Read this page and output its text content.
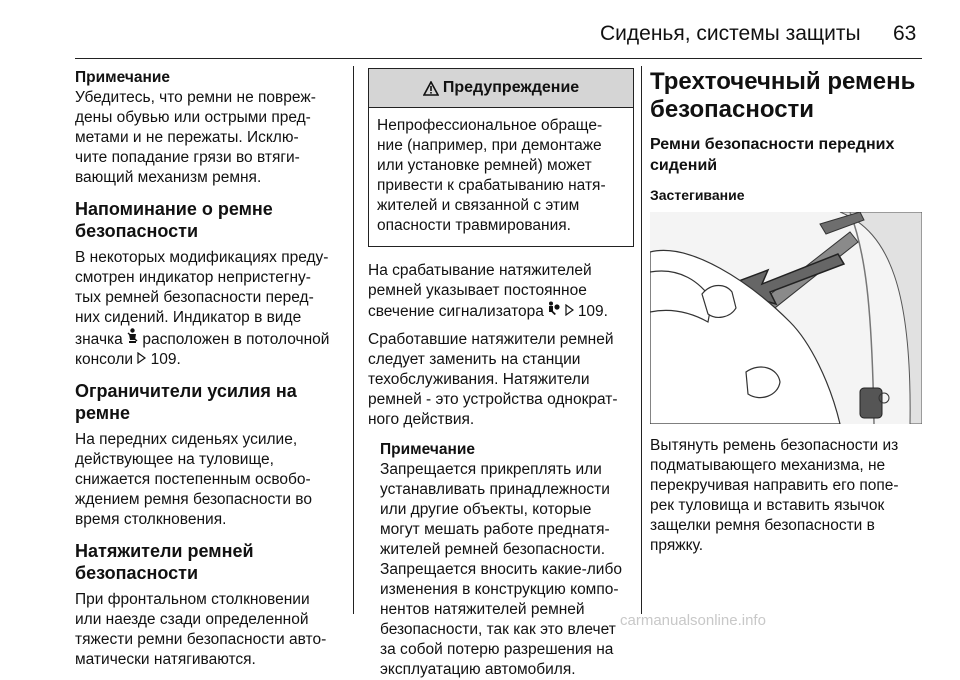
Сиденья, системы защиты 63

Примечание

Убедитесь, что ремни не повреж-
дены обувью или острыми пред-
метами и не пережаты. Исклю-
чите попадание грязи во втяги-
вающий механизм ремня.

Напоминание о ремне безопасности

В некоторых модификациях преду-
смотрен индикатор непристегну-
тых ремней безопасности перед-
них сидений. Индикатор в виде
значка расположен в потолочной
консоли 109.

Ограничители усилия на ремне

На передних сиденьях усилие,
действующее на туловище,
снижается постепенным освобо-
ждением ремня безопасности во
время столкновения.

Натяжители ремней безопасности

При фронтальном столкновении
или наезде сзади определенной
тяжести ремни безопасности авто-
матически натягиваются.

Предупреждение

Непрофессиональное обраще-
ние (например, при демонтаже
или установке ремней) может
привести к срабатыванию натя-
жителей и связанной с этим
опасности травмирования.

На срабатывание натяжителей
ремней указывает постоянное
свечение сигнализатора 109.

Сработавшие натяжители ремней
следует заменить на станции
техобслуживания. Натяжители
ремней - это устройства однократ-
ного действия.

Примечание

Запрещается прикреплять или
устанавливать принадлежности
или другие объекты, которые
могут мешать работе преднатя-
жителей ремней безопасности.
Запрещается вносить какие-либо
изменения в конструкцию компо-
нентов натяжителей ремней
безопасности, так как это влечет
за собой потерю разрешения на
эксплуатацию автомобиля.

Трехточечный ремень безопасности
Ремни безопасности передних сидений
Застегивание

Вытянуть ремень безопасности из
подматывающего механизма, не
перекручивая направить его попе-
рек туловища и вставить язычок
защелки ремня безопасности в
пряжку.

carmanualsonline.info
